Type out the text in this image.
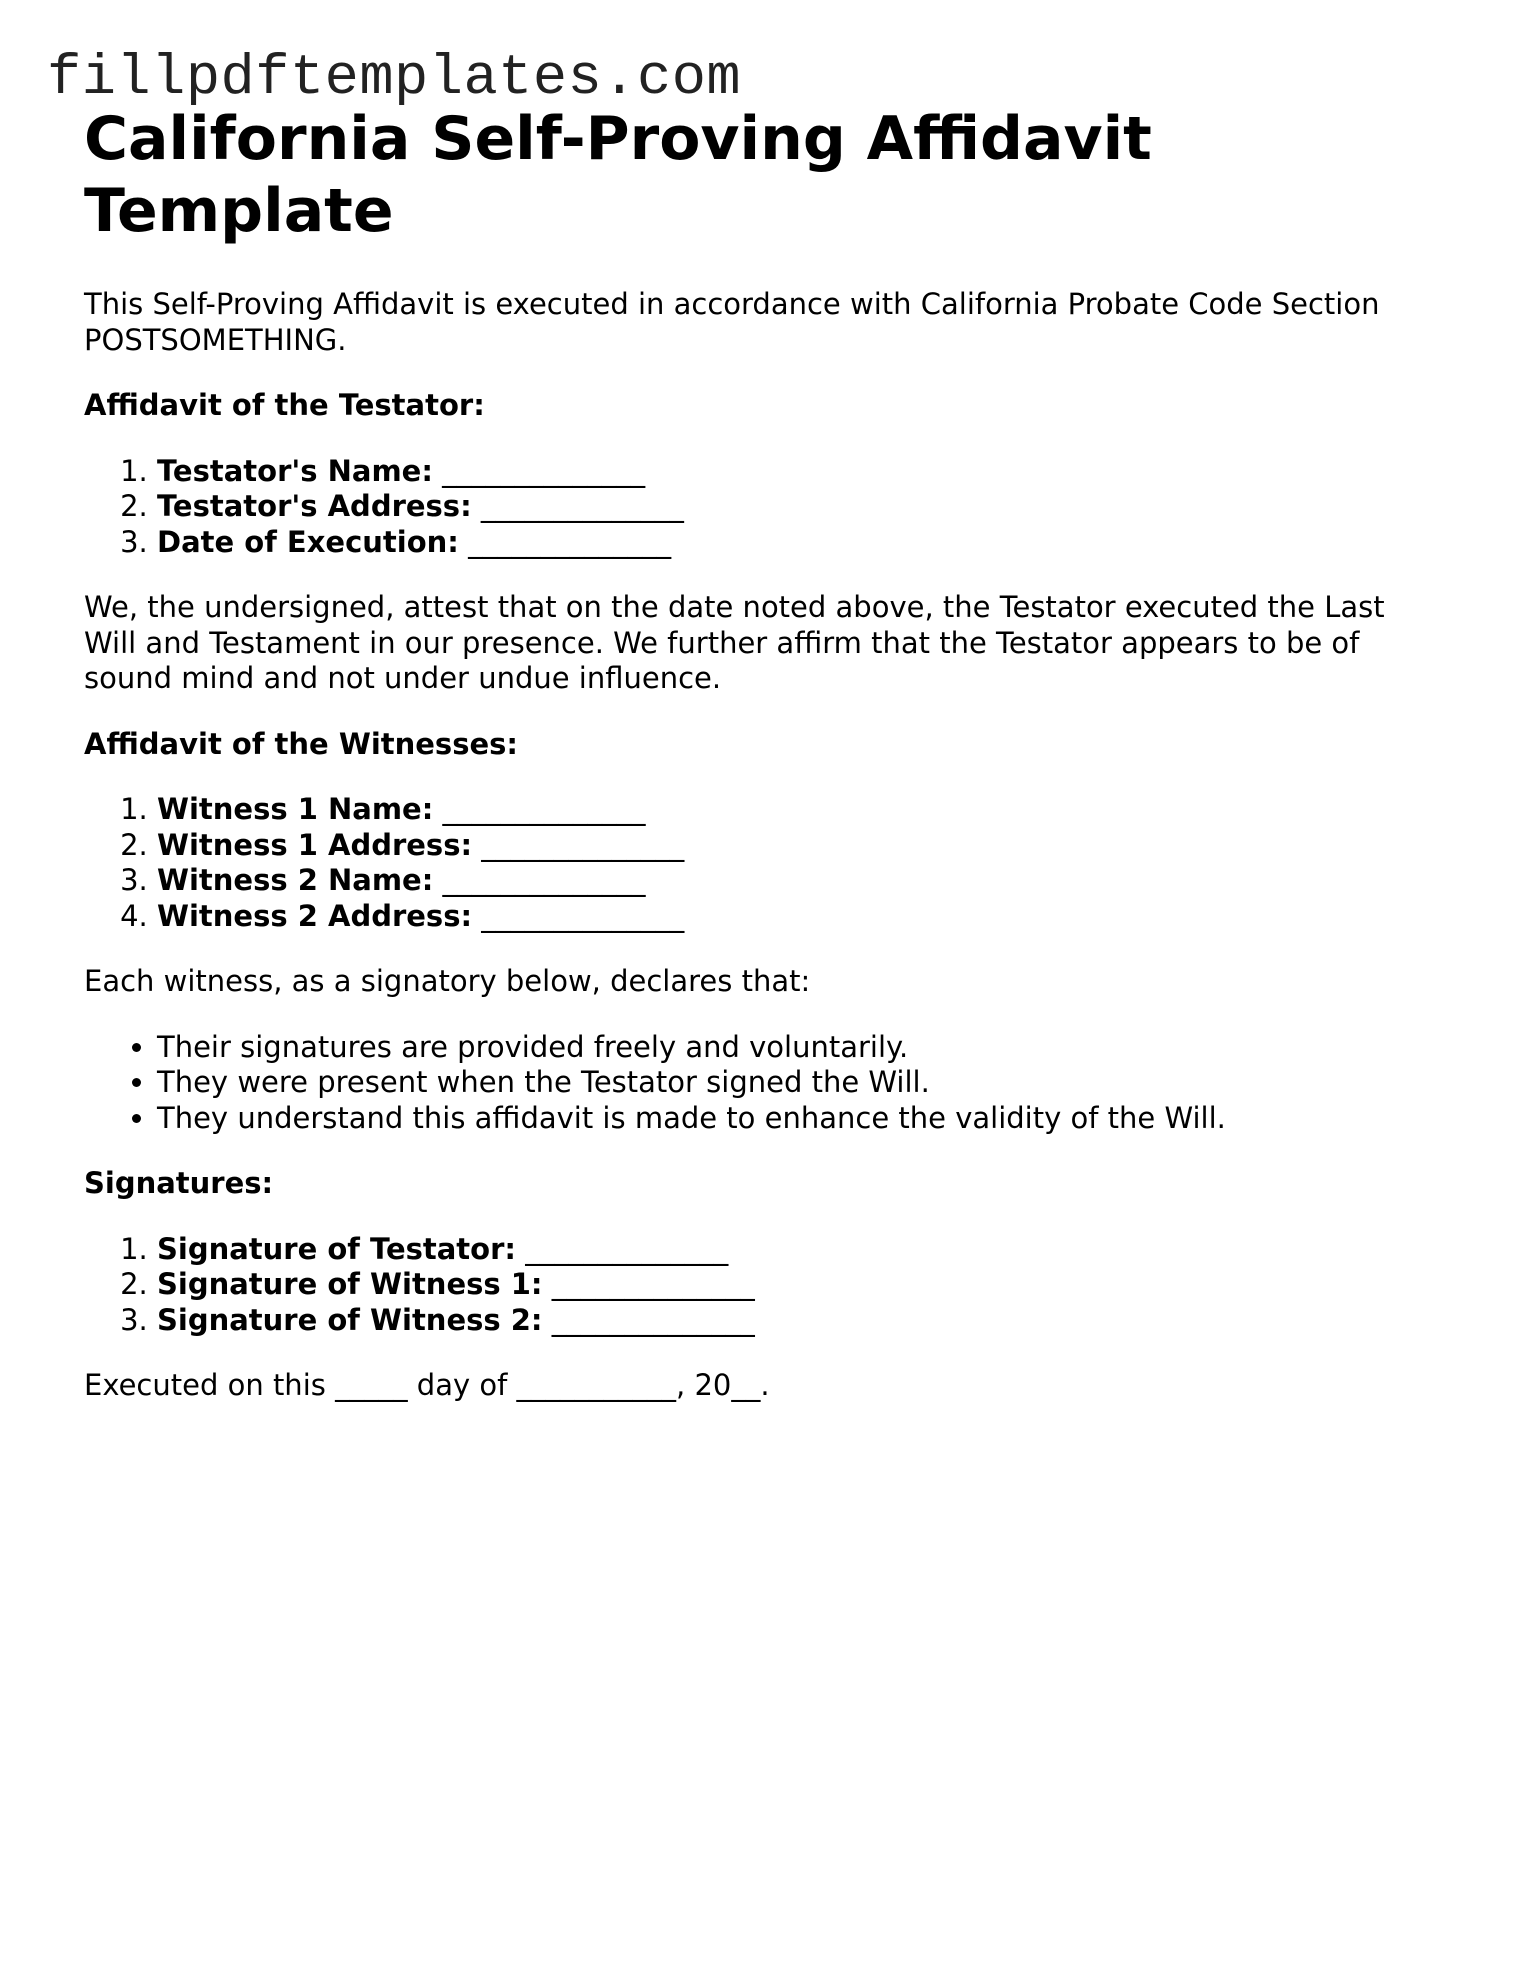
fillpdftemplates.com
California Self-Proving Affidavit Template

This Self-Proving Affidavit is executed in accordance with California Probate Code Section POSTSOMETHING.

Affidavit of the Testator:

1. Testator's Name: ______________
2. Testator's Address: ______________
3. Date of Execution: ______________

We, the undersigned, attest that on the date noted above, the Testator executed the Last Will and Testament in our presence. We further affirm that the Testator appears to be of sound mind and not under undue influence.

Affidavit of the Witnesses:

1. Witness 1 Name: ______________
2. Witness 1 Address: ______________
3. Witness 2 Name: ______________
4. Witness 2 Address: ______________

Each witness, as a signatory below, declares that:

• Their signatures are provided freely and voluntarily.
• They were present when the Testator signed the Will.
• They understand this affidavit is made to enhance the validity of the Will.

Signatures:

1. Signature of Testator: ______________
2. Signature of Witness 1: ______________
3. Signature of Witness 2: ______________

Executed on this _____ day of ___________, 20__.
